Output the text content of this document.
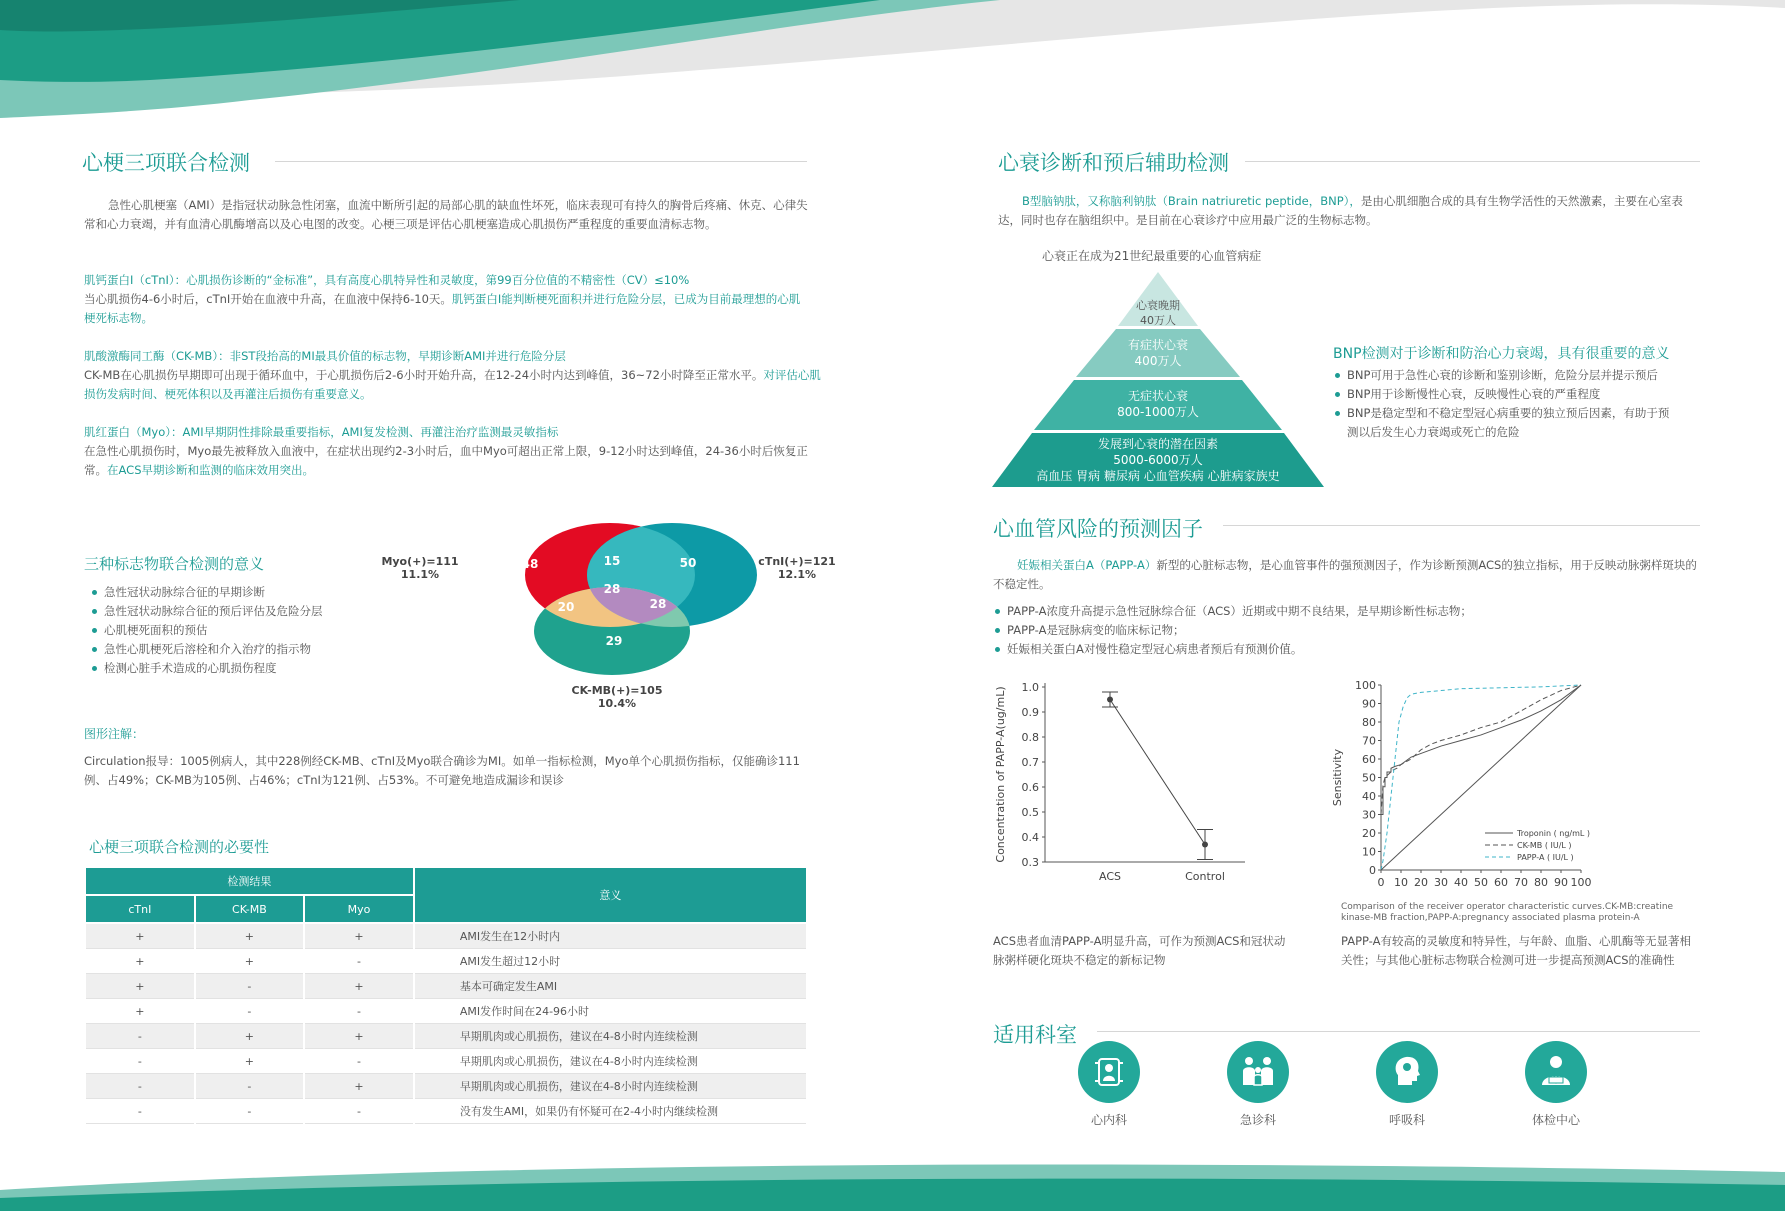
心梗三项联合检测
急性心肌梗塞（AMI）是指冠状动脉急性闭塞，血流中断所引起的局部心肌的缺血性坏死，临床表现可有持久的胸骨后疼痛、休克、心律失常和心力衰竭，并有血清心肌酶增高以及心电图的改变。心梗三项是评估心肌梗塞造成心肌损伤严重程度的重要血清标志物。
肌钙蛋白I（cTnI）：心肌损伤诊断的“金标准”，具有高度心肌特异性和灵敏度，第99百分位值的不精密性（CV）≤10%
当心肌损伤4-6小时后，cTnI开始在血液中升高，在血液中保持6-10天。肌钙蛋白I能判断梗死面积并进行危险分层，已成为目前最理想的心肌梗死标志物。
肌酸激酶同工酶（CK-MB）：非ST段抬高的MI最具价值的标志物，早期诊断AMI并进行危险分层
CK-MB在心肌损伤早期即可出现于循环血中，于心肌损伤后2-6小时开始升高，在12-24小时内达到峰值，36~72小时降至正常水平。对评估心肌损伤发病时间、梗死体积以及再灌注后损伤有重要意义。
肌红蛋白（Myo）：AMI早期阴性排除最重要指标，AMI复发检测、再灌注治疗监测最灵敏指标
在急性心肌损伤时，Myo最先被释放入血液中，在症状出现约2-3小时后，血中Myo可超出正常上限，9-12小时达到峰值，24-36小时后恢复正常。在ACS早期诊断和监测的临床效用突出。
三种标志物联合检测的意义
急性冠状动脉综合征的早期诊断
急性冠状动脉综合征的预后评估及危险分层
心肌梗死面积的预估
急性心肌梗死后溶栓和介入治疗的指示物
检测心脏手术造成的心肌损伤程度
48	15	50
28
20	28
29
Myo(+)=111
11.1%
cTnI(+)=121
12.1%
CK-MB(+)=105
10.4%
图形注解：
Circulation报导：1005例病人，其中228例经CK-MB、cTnI及Myo联合确诊为MI。如单一指标检测，Myo单个心肌损伤指标，仅能确诊111例、占49%；CK-MB为105例、占46%；cTnI为121例、占53%。不可避免地造成漏诊和误诊
心梗三项联合检测的必要性
检测结果			意义
cTnI	CK-MB	Myo	
+	+	+	AMI发生在12小时内
+	+	-	AMI发生超过12小时
+	-	+	基本可确定发生AMI
+	-	-	AMI发作时间在24-96小时
-	+	+	早期肌肉或心肌损伤，建议在4-8小时内连续检测
-	+	-	早期肌肉或心肌损伤，建议在4-8小时内连续检测
-	-	+	早期肌肉或心肌损伤，建议在4-8小时内连续检测
-	-	-	没有发生AMI，如果仍有怀疑可在2-4小时内继续检测
心衰诊断和预后辅助检测
B型脑钠肽，又称脑利钠肽（Brain natriuretic peptide，BNP），是由心肌细胞合成的具有生物学活性的天然激素，主要在心室表达，同时也存在脑组织中。是目前在心衰诊疗中应用最广泛的生物标志物。
心衰正在成为21世纪最重要的心血管病症
心衰晚期
40万人
有症状心衰
400万人
无症状心衰
800-1000万人
发展到心衰的潜在因素
5000-6000万人
高血压 胃病 糖尿病 心血管疾病 心脏病家族史
BNP检测对于诊断和防治心力衰竭，具有很重要的意义
BNP可用于急性心衰的诊断和鉴别诊断，危险分层并提示预后
BNP用于诊断慢性心衰，反映慢性心衰的严重程度
BNP是稳定型和不稳定型冠心病重要的独立预后因素，有助于预测以后发生心力衰竭或死亡的危险
心血管风险的预测因子
妊娠相关蛋白A（PAPP-A）新型的心脏标志物，是心血管事件的强预测因子，作为诊断预测ACS的独立指标，用于反映动脉粥样斑块的不稳定性。
PAPP-A浓度升高提示急性冠脉综合征（ACS）近期或中期不良结果，是早期诊断性标志物；
PAPP-A是冠脉病变的临床标记物；
妊娠相关蛋白A对慢性稳定型冠心病患者预后有预测价值。
1.0
0.9
0.8
0.7
0.6
0.5
0.4
0.3
ACS	Control
Concentration of PAPP-A(ug/mL)
0
0
10
10
20
20
30
30
40
40
50
50
60
60
70
70
80
80
90
90
100
100
Sensitivity
Troponin ( ng/mL )
CK-MB ( IU/L )
PAPP-A ( IU/L )
Comparison of the receiver operator characteristic curves.CK-MB:creatine kinase-MB fraction,PAPP-A:pregnancy associated plasma protein-A
ACS患者血清PAPP-A明显升高，可作为预测ACS和冠状动脉粥样硬化斑块不稳定的新标记物
PAPP-A有较高的灵敏度和特异性，与年龄、血脂、心肌酶等无显著相关性；与其他心脏标志物联合检测可进一步提高预测ACS的准确性
适用科室
心内科	急诊科	呼吸科	体检中心
